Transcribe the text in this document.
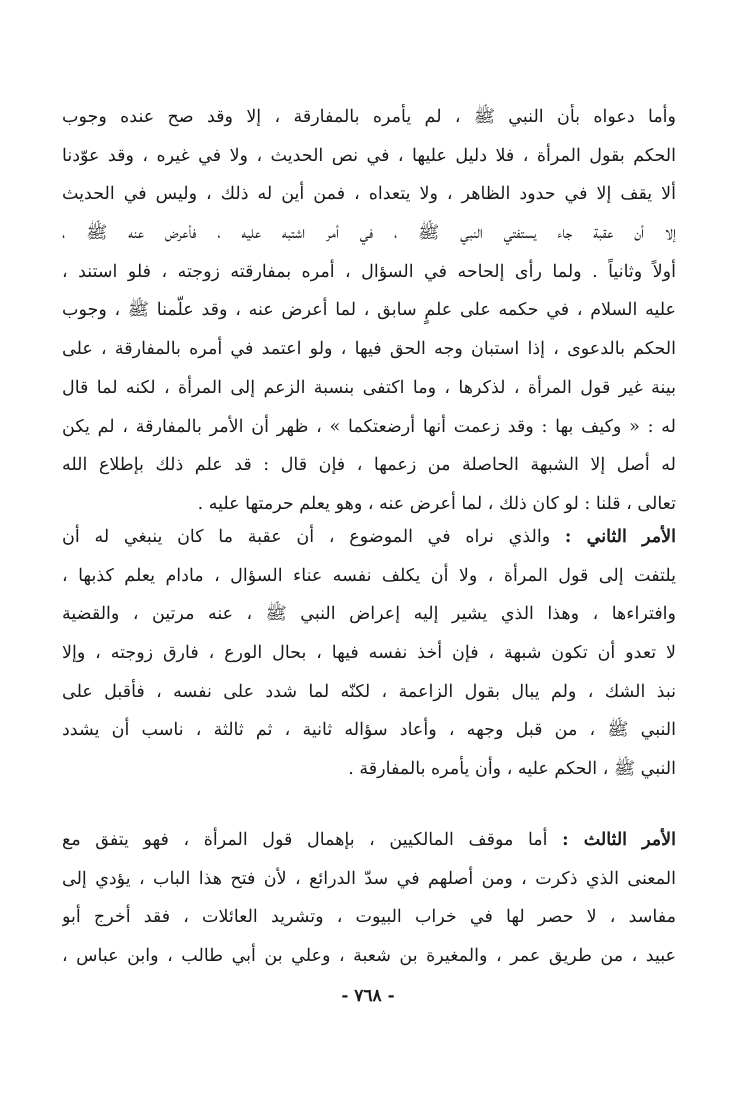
وأما دعواه بأن النبي ﷺ ، لم يأمره بالمفارقة ، إلا وقد صح عنده وجوب
الحكم بقول المرأة ، فلا دليل عليها ، في نص الحديث ، ولا في غيره ، وقد عوّدنا
ألا يقف إلا في حدود الظاهر ، ولا يتعداه ، فمن أين له ذلك ، وليس في الحديث
إلا أن عقبة جاء يستفتي النبي ﷺ ، في أمر اشتبه عليه ، فأعرض عنه ﷺ ،
أولاً وثانياً . ولما رأى إلحاحه في السؤال ، أمره بمفارقته زوجته ، فلو استند ،
عليه السلام ، في حكمه على علمٍ سابق ، لما أعرض عنه ، وقد علّمنا ﷺ ، وجوب
الحكم بالدعوى ، إذا استبان وجه الحق فيها ، ولو اعتمد في أمره بالمفارقة ، على
بينة غير قول المرأة ، لذكرها ، وما اكتفى بنسبة الزعم إلى المرأة ، لكنه لما قال
له : « وكيف بها : وقد زعمت أنها أرضعتكما » ، ظهر أن الأمر بالمفارقة ، لم يكن
له أصل إلا الشبهة الحاصلة من زعمها ، فإن قال : قد علم ذلك بإطلاع الله
تعالى ، قلنا : لو كان ذلك ، لما أعرض عنه ، وهو يعلم حرمتها عليه .
الأمر الثاني : والذي نراه في الموضوع ، أن عقبة ما كان ينبغي له أن
يلتفت إلى قول المرأة ، ولا أن يكلف نفسه عناء السؤال ، مادام يعلم كذبها ،
وافتراءها ، وهذا الذي يشير إليه إعراض النبي ﷺ ، عنه مرتين ، والقضية
لا تعدو أن تكون شبهة ، فإن أخذ نفسه فيها ، بحال الورع ، فارق زوجته ، وإلا
نبذ الشك ، ولم يبال بقول الزاعمة ، لكنّه لما شدد على نفسه ، فأقبل على
النبي ﷺ ، من قبل وجهه ، وأعاد سؤاله ثانية ، ثم ثالثة ، ناسب أن يشدد
النبي ﷺ ، الحكم عليه ، وأن يأمره بالمفارقة .
الأمر الثالث : أما موقف المالكيين ، بإهمال قول المرأة ، فهو يتفق مع
المعنى الذي ذكرت ، ومن أصلهم في سدّ الدرائع ، لأن فتح هذا الباب ، يؤدي إلى
مفاسد ، لا حصر لها في خراب البيوت ، وتشريد العائلات ، فقد أخرج أبو
عبيد ، من طريق عمر ، والمغيرة بن شعبة ، وعلي بن أبي طالب ، وابن عباس ،
- ٧٦٨ -
